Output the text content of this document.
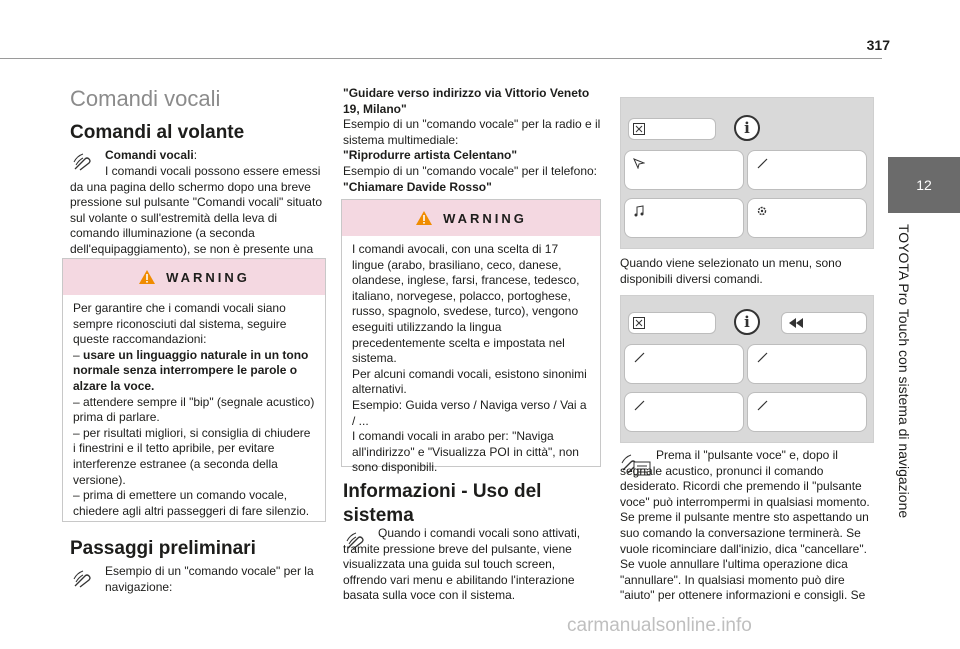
317
12
TOYOTA Pro Touch con sistema di navigazione
Comandi vocali
Comandi al volante
Comandi vocali:
I comandi vocali possono essere emessi da una pagina dello schermo dopo una breve pressione sul pulsante "Comandi vocali" situato sul volante o sull'estremità della leva di comando illuminazione (a seconda dell'equipaggiamento), se non è presente una
WARNING
Per garantire che i comandi vocali siano sempre riconosciuti dal sistema, seguire queste raccomandazioni:
– usare un linguaggio naturale in un tono normale senza interrompere le parole o alzare la voce.
– attendere sempre il "bip" (segnale acustico) prima di parlare.
– per risultati migliori, si consiglia di chiudere i finestrini e il tetto apribile, per evitare interferenze estranee (a seconda della versione).
– prima di emettere un comando vocale, chiedere agli altri passeggeri di fare silenzio.
Passaggi preliminari
Esempio di un "comando vocale" per la navigazione:
"Guidare verso indirizzo via Vittorio Veneto 19, Milano"
Esempio di un "comando vocale" per la radio e il sistema multimediale:
"Riprodurre artista Celentano"
Esempio di un "comando vocale" per il telefono:
"Chiamare Davide Rosso"
WARNING
I comandi avocali, con una scelta di 17 lingue (arabo, brasiliano, ceco, danese, olandese, inglese, farsi, francese, tedesco, italiano, norvegese, polacco, portoghese, russo, spagnolo, svedese, turco), vengono eseguiti utilizzando la lingua precedentemente scelta e impostata nel sistema.
Per alcuni comandi vocali, esistono sinonimi alternativi.
Esempio: Guida verso / Naviga verso / Vai a / ...
I comandi vocali in arabo per: "Naviga all'indirizzo" e "Visualizza POI in città", non sono disponibili.
Informazioni - Uso del sistema
Quando i comandi vocali sono attivati, tramite pressione breve del pulsante, viene visualizzata una guida sul touch screen, offrendo vari menu e abilitando l'interazione basata sulla voce con il sistema.
i
Quando viene selezionato un menu, sono disponibili diversi comandi.
i
Prema il "pulsante voce" e, dopo il segnale acustico, pronunci il comando desiderato. Ricordi che premendo il "pulsante voce" può interrompermi in qualsiasi momento. Se preme il pulsante mentre sto aspettando un suo comando la conversazione terminerà. Se vuole ricominciare dall'inizio, dica "cancellare". Se vuole annullare l'ultima operazione dica "annullare". In qualsiasi momento può dire "aiuto" per ottenere informazioni e consigli. Se
carmanualsonline.info
